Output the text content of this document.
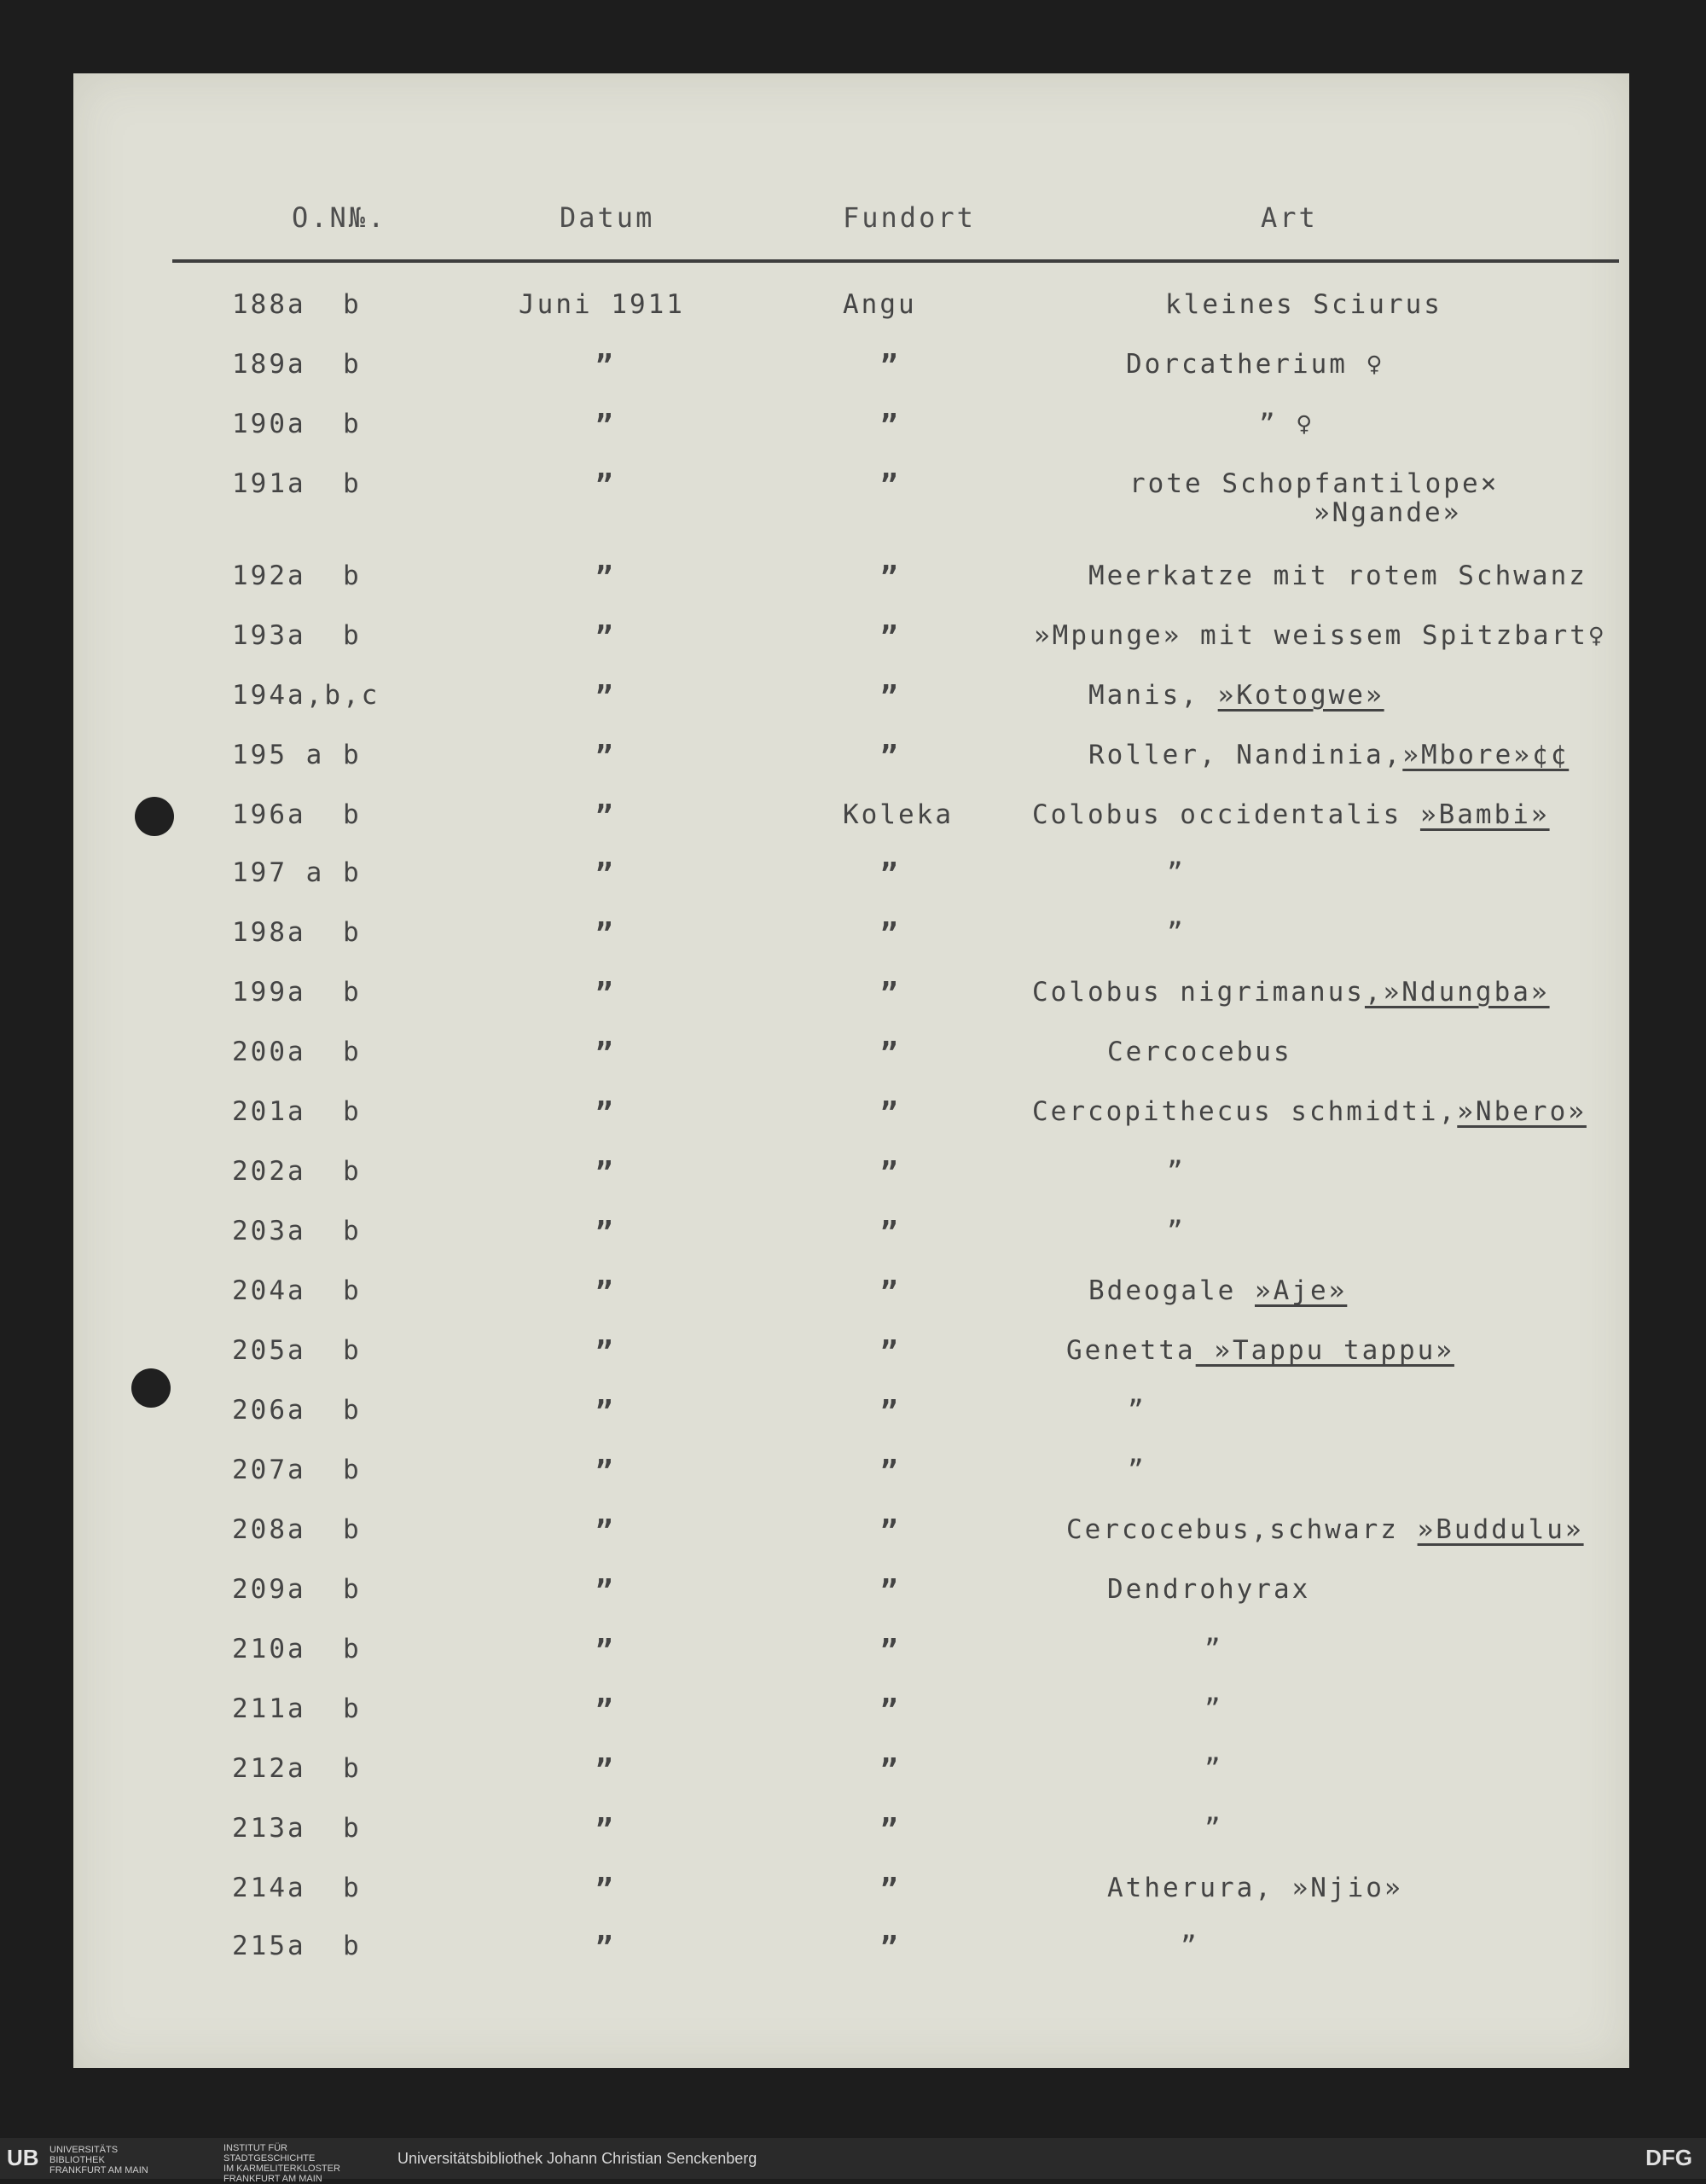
O.N№.	Datum	Fundort	Art
188a b	Juni 1911	Angu	kleines Sciurus
189a b	”	”	Dorcatherium ♀
190a b	”	”	” ♀
191a b	”	”	rote Schopfantilope×
»Ngande»
192a b	”	”	Meerkatze mit rotem Schwanz
193a b	”	”	»Mpunge» mit weissem Spitzbart♀
194a,b,c	”	”	Manis, »Kotogwe»
195 a b	”	”	Roller, Nandinia,»Mbore»¢¢
196a b	”	Koleka	Colobus occidentalis »Bambi»
197 a b	”	”	”
198a b	”	”	”
199a b	”	”	Colobus nigrimanus,»Ndungba»
200a b	”	”	Cercocebus
201a b	”	”	Cercopithecus schmidti,»Nbero»
202a b	”	”	”
203a b	”	”	”
204a b	”	”	Bdeogale »Aje»
205a b	”	”	Genetta »Tappu tappu»
206a b	”	”	”
207a b	”	”	”
208a b	”	”	Cercocebus,schwarz »Buddulu»
209a b	”	”	Dendrohyrax
210a b	”	”	”
211a b	”	”	”
212a b	”	”	”
213a b	”	”	”
214a b	”	”	Atherura, »Njio»
215a b	”	”	”
UB UNIVERSITÄTS
BIBLIOTHEK
FRANKFURT AM MAIN
INSTITUT FÜR
STADTGESCHICHTE
IM KARMELITERKLOSTER
FRANKFURT AM MAIN
Universitätsbibliothek Johann Christian Senckenberg	DFG
